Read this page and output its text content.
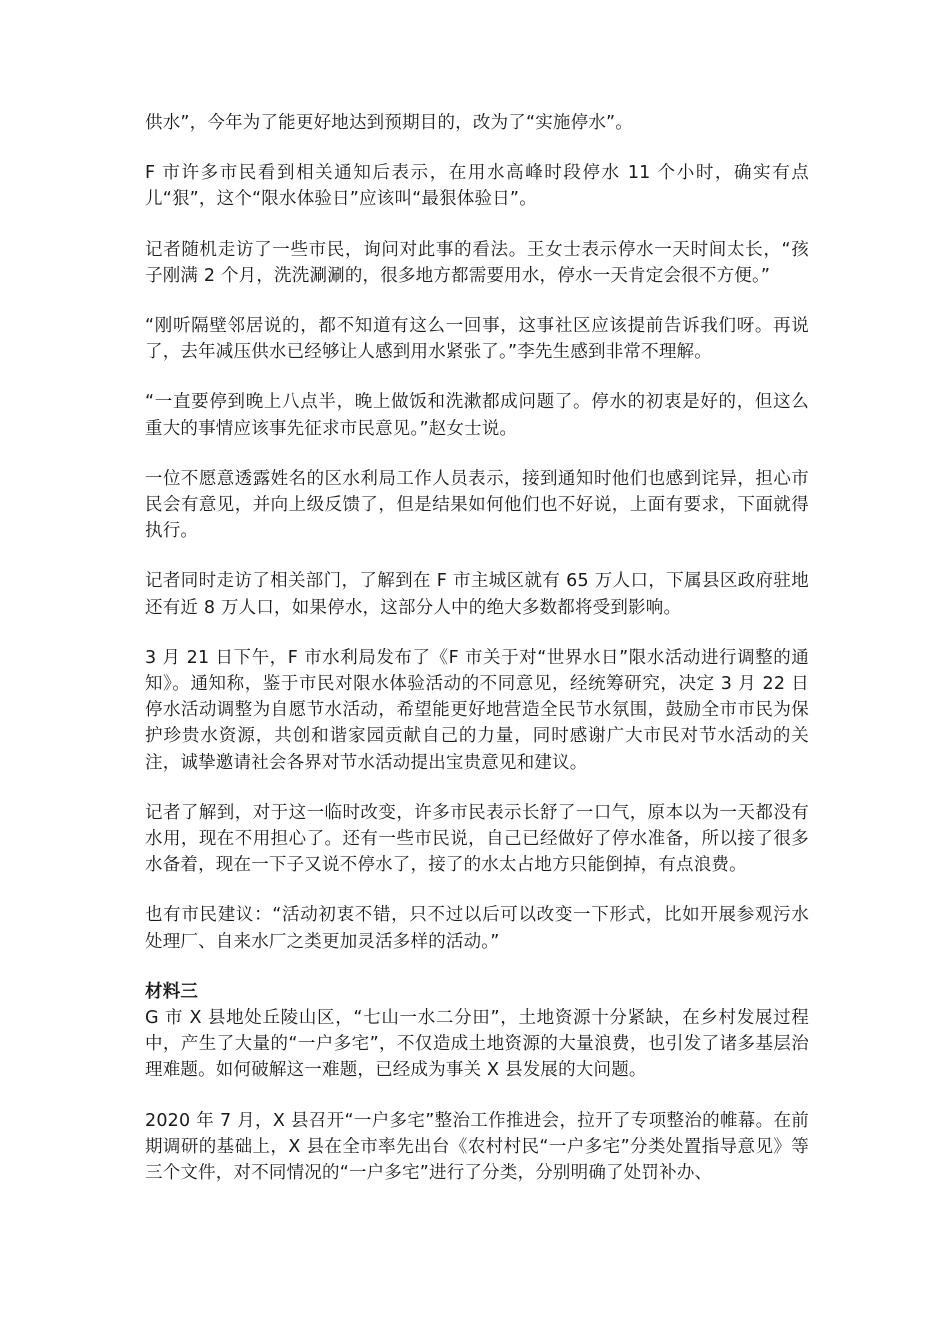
供水”，今年为了能更好地达到预期目的，改为了“实施停水”。

F 市许多市民看到相关通知后表示，在用水高峰时段停水 11 个小时，确实有点儿“狠”，这个“限水体验日”应该叫“最狠体验日”。

记者随机走访了一些市民，询问对此事的看法。王女士表示停水一天时间太长，“孩子刚满 2 个月，洗洗涮涮的，很多地方都需要用水，停水一天肯定会很不方便。”

“刚听隔壁邻居说的，都不知道有这么一回事，这事社区应该提前告诉我们呀。再说了，去年减压供水已经够让人感到用水紧张了。”李先生感到非常不理解。

“一直要停到晚上八点半，晚上做饭和洗漱都成问题了。停水的初衷是好的，但这么重大的事情应该事先征求市民意见。”赵女士说。

一位不愿意透露姓名的区水利局工作人员表示，接到通知时他们也感到诧异，担心市民会有意见，并向上级反馈了，但是结果如何他们也不好说，上面有要求，下面就得执行。

记者同时走访了相关部门，了解到在 F 市主城区就有 65 万人口，下属县区政府驻地还有近 8 万人口，如果停水，这部分人中的绝大多数都将受到影响。

3 月 21 日下午，F 市水利局发布了《F 市关于对“世界水日”限水活动进行调整的通知》。通知称，鉴于市民对限水体验活动的不同意见，经统筹研究，决定 3 月 22 日停水活动调整为自愿节水活动，希望能更好地营造全民节水氛围，鼓励全市市民为保护珍贵水资源，共创和谐家园贡献自己的力量，同时感谢广大市民对节水活动的关注，诚挚邀请社会各界对节水活动提出宝贵意见和建议。

记者了解到，对于这一临时改变，许多市民表示长舒了一口气，原本以为一天都没有水用，现在不用担心了。还有一些市民说，自己已经做好了停水准备，所以接了很多水备着，现在一下子又说不停水了，接了的水太占地方只能倒掉，有点浪费。

也有市民建议：“活动初衷不错，只不过以后可以改变一下形式，比如开展参观污水处理厂、自来水厂之类更加灵活多样的活动。”

材料三

G 市 X 县地处丘陵山区，“七山一水二分田”，土地资源十分紧缺，在乡村发展过程中，产生了大量的“一户多宅”，不仅造成土地资源的大量浪费，也引发了诸多基层治理难题。如何破解这一难题，已经成为事关 X 县发展的大问题。

2020 年 7 月，X 县召开“一户多宅”整治工作推进会，拉开了专项整治的帷幕。在前期调研的基础上，X 县在全市率先出台《农村村民“一户多宅”分类处置指导意见》等三个文件，对不同情况的“一户多宅”进行了分类，分别明确了处罚补办、
